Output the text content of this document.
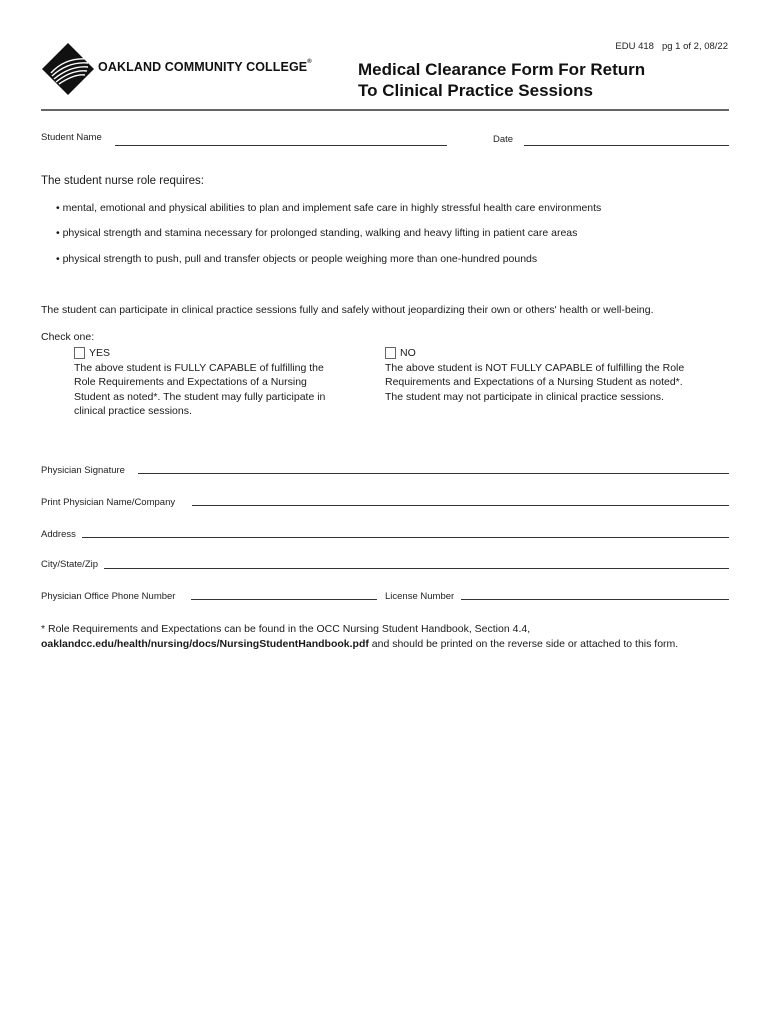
EDU 418 pg 1 of 2, 08/22
OAKLAND COMMUNITY COLLEGE®	Medical Clearance Form For Return
To Clinical Practice Sessions
Student Name	Date
The student nurse role requires:
• mental, emotional and physical abilities to plan and implement safe care in highly stressful health care environments
• physical strength and stamina necessary for prolonged standing, walking and heavy lifting in patient care areas
• physical strength to push, pull and transfer objects or people weighing more than one-hundred pounds
The student can participate in clinical practice sessions fully and safely without jeopardizing their own or others' health or well-being.
Check one:
YES
The above student is FULLY CAPABLE of fulfilling the
Role Requirements and Expectations of a Nursing
Student as noted*. The student may fully participate in
clinical practice sessions.
NO
The above student is NOT FULLY CAPABLE of fulfilling the Role
Requirements and Expectations of a Nursing Student as noted*.
The student may not participate in clinical practice sessions.
Physician Signature
Print Physician Name/Company
Address
City/State/Zip
Physician Office Phone Number	License Number
* Role Requirements and Expectations can be found in the OCC Nursing Student Handbook, Section 4.4,
oaklandcc.edu/health/nursing/docs/NursingStudentHandbook.pdf and should be printed on the reverse side or attached to this form.
